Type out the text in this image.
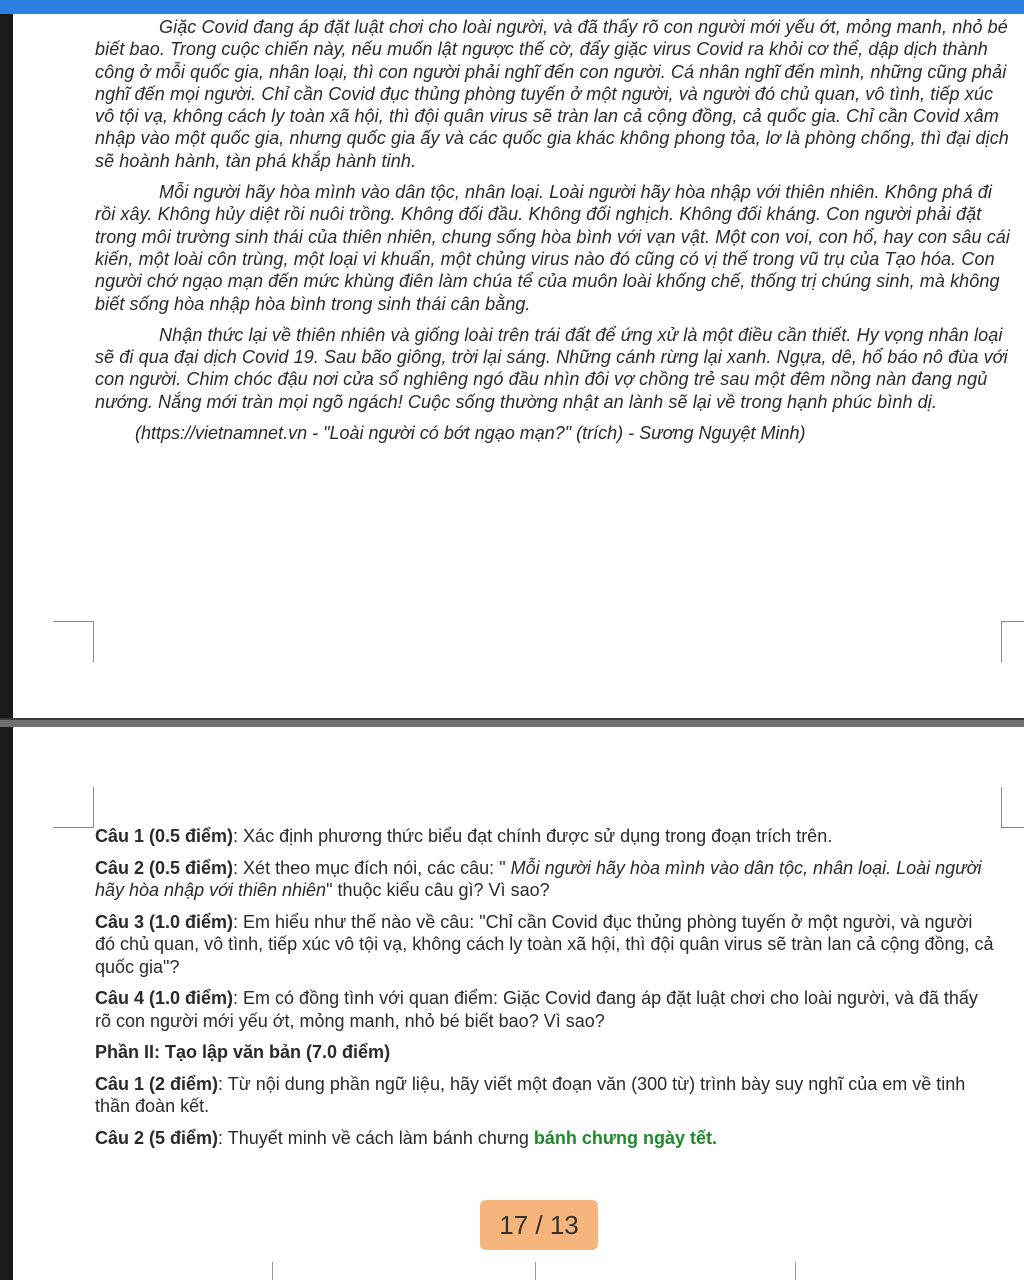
Giặc Covid đang áp đặt luật chơi cho loài người, và đã thấy rõ con người mới yếu ớt, mỏng manh, nhỏ bé biết bao. Trong cuộc chiến này, nếu muốn lật ngược thế cờ, đẩy giặc virus Covid ra khỏi cơ thể, dập dịch thành công ở mỗi quốc gia, nhân loại, thì con người phải nghĩ đến con người. Cá nhân nghĩ đến mình, những cũng phải nghĩ đến mọi người. Chỉ cần Covid đục thủng phòng tuyến ở một người, và người đó chủ quan, vô tình, tiếp xúc vô tội vạ, không cách ly toàn xã hội, thì đội quân virus sẽ tràn lan cả cộng đồng, cả quốc gia. Chỉ cần Covid xâm nhập vào một quốc gia, nhưng quốc gia ấy và các quốc gia khác không phong tỏa, lơ là phòng chống, thì đại dịch sẽ hoành hành, tàn phá khắp hành tinh.

Mỗi người hãy hòa mình vào dân tộc, nhân loại. Loài người hãy hòa nhập với thiên nhiên. Không phá đi rồi xây. Không hủy diệt rồi nuôi trồng. Không đối đầu. Không đối nghịch. Không đối kháng. Con người phải đặt trong môi trường sinh thái của thiên nhiên, chung sống hòa bình với vạn vật. Một con voi, con hổ, hay con sâu cái kiến, một loài côn trùng, một loại vi khuẩn, một chủng virus nào đó cũng có vị thế trong vũ trụ của Tạo hóa. Con người chớ ngạo mạn đến mức khùng điên làm chúa tể của muôn loài khống chế, thống trị chúng sinh, mà không biết sống hòa nhập hòa bình trong sinh thái cân bằng.

Nhận thức lại về thiên nhiên và giống loài trên trái đất để ứng xử là một điều cần thiết. Hy vọng nhân loại sẽ đi qua đại dịch Covid 19. Sau bão giông, trời lại sáng. Những cánh rừng lại xanh. Ngựa, dê, hổ báo nô đùa với con người. Chim chóc đậu nơi cửa sổ nghiêng ngó đầu nhìn đôi vợ chồng trẻ sau một đêm nồng nàn đang ngủ nướng. Nắng mới tràn mọi ngõ ngách! Cuộc sống thường nhật an lành sẽ lại về trong hạnh phúc bình dị.

(https://vietnamnet.vn - "Loài người có bớt ngạo mạn?" (trích) - Sương Nguyệt Minh)

Câu 1 (0.5 điểm): Xác định phương thức biểu đạt chính được sử dụng trong đoạn trích trên.

Câu 2 (0.5 điểm): Xét theo mục đích nói, các câu: " Mỗi người hãy hòa mình vào dân tộc, nhân loại. Loài người hãy hòa nhập với thiên nhiên" thuộc kiểu câu gì? Vì sao?

Câu 3 (1.0 điểm): Em hiểu như thế nào về câu: "Chỉ cần Covid đục thủng phòng tuyến ở một người, và người đó chủ quan, vô tình, tiếp xúc vô tội vạ, không cách ly toàn xã hội, thì đội quân virus sẽ tràn lan cả cộng đồng, cả quốc gia"?

Câu 4 (1.0 điểm): Em có đồng tình với quan điểm: Giặc Covid đang áp đặt luật chơi cho loài người, và đã thấy rõ con người mới yếu ớt, mỏng manh, nhỏ bé biết bao? Vì sao?

Phần II: Tạo lập văn bản (7.0 điểm)

Câu 1 (2 điểm): Từ nội dung phần ngữ liệu, hãy viết một đoạn văn (300 từ) trình bày suy nghĩ của em về tinh thần đoàn kết.

Câu 2 (5 điểm): Thuyết minh về cách làm bánh chưng bánh chưng ngày tết.

17 / 13
